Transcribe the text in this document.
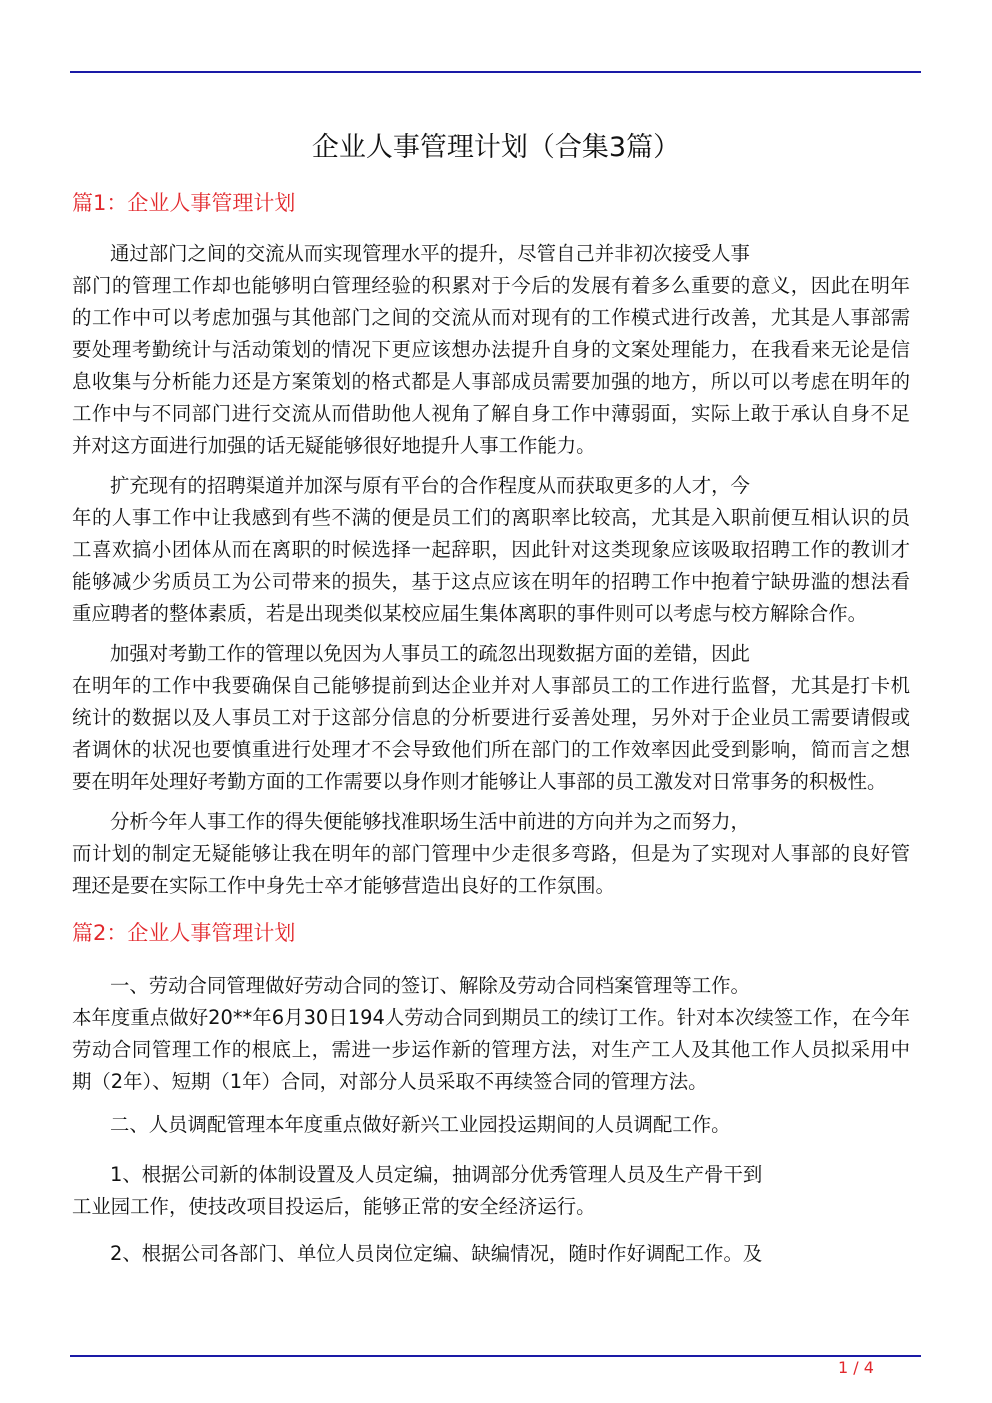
企业人事管理计划（合集3篇）
篇1：企业人事管理计划
通过部门之间的交流从而实现管理水平的提升，尽管自己并非初次接受人事
部门的管理工作却也能够明白管理经验的积累对于今后的发展有着多么重要的意义，因此在明年
的工作中可以考虑加强与其他部门之间的交流从而对现有的工作模式进行改善，尤其是人事部需
要处理考勤统计与活动策划的情况下更应该想办法提升自身的文案处理能力，在我看来无论是信
息收集与分析能力还是方案策划的格式都是人事部成员需要加强的地方，所以可以考虑在明年的
工作中与不同部门进行交流从而借助他人视角了解自身工作中薄弱面，实际上敢于承认自身不足
并对这方面进行加强的话无疑能够很好地提升人事工作能力。
扩充现有的招聘渠道并加深与原有平台的合作程度从而获取更多的人才，今
年的人事工作中让我感到有些不满的便是员工们的离职率比较高，尤其是入职前便互相认识的员
工喜欢搞小团体从而在离职的时候选择一起辞职，因此针对这类现象应该吸取招聘工作的教训才
能够减少劣质员工为公司带来的损失，基于这点应该在明年的招聘工作中抱着宁缺毋滥的想法看
重应聘者的整体素质，若是出现类似某校应届生集体离职的事件则可以考虑与校方解除合作。
加强对考勤工作的管理以免因为人事员工的疏忽出现数据方面的差错，因此
在明年的工作中我要确保自己能够提前到达企业并对人事部员工的工作进行监督，尤其是打卡机
统计的数据以及人事员工对于这部分信息的分析要进行妥善处理，另外对于企业员工需要请假或
者调休的状况也要慎重进行处理才不会导致他们所在部门的工作效率因此受到影响，简而言之想
要在明年处理好考勤方面的工作需要以身作则才能够让人事部的员工激发对日常事务的积极性。
分析今年人事工作的得失便能够找准职场生活中前进的方向并为之而努力，
而计划的制定无疑能够让我在明年的部门管理中少走很多弯路，但是为了实现对人事部的良好管
理还是要在实际工作中身先士卒才能够营造出良好的工作氛围。
篇2：企业人事管理计划
一、劳动合同管理做好劳动合同的签订、解除及劳动合同档案管理等工作。
本年度重点做好20**年6月30日194人劳动合同到期员工的续订工作。针对本次续签工作，在今年
劳动合同管理工作的根底上，需进一步运作新的管理方法，对生产工人及其他工作人员拟采用中
期（2年）、短期（1年）合同，对部分人员采取不再续签合同的管理方法。
二、人员调配管理本年度重点做好新兴工业园投运期间的人员调配工作。
1、根据公司新的体制设置及人员定编，抽调部分优秀管理人员及生产骨干到
工业园工作，使技改项目投运后，能够正常的安全经济运行。
2、根据公司各部门、单位人员岗位定编、缺编情况，随时作好调配工作。及
1 / 4
